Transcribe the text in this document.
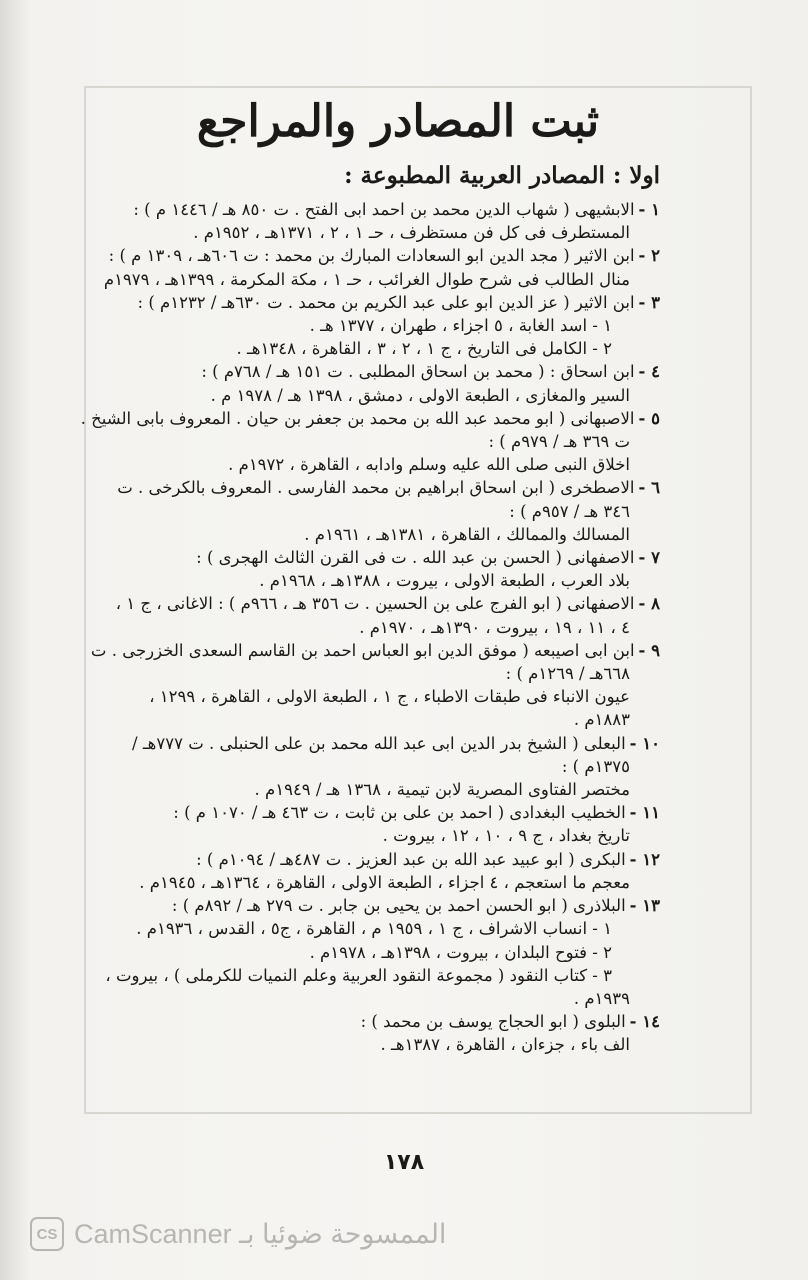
ثبت المصادر والمراجع
اولا : المصادر العربية المطبوعة :
١ -الابشيهى ( شهاب الدين محمد بن احمد ابى الفتح . ت ٨٥٠ هـ / ١٤٤٦ م ) :
المستطرف فى كل فن مستظرف ، حـ ١ ، ٢ ، ١٣٧١هـ ، ١٩٥٢م .
٢ -ابن الاثير ( مجد الدين ابو السعادات المبارك بن محمد : ت ٦٠٦هـ ، ١٣٠٩ م ) :
منال الطالب فى شرح طوال الغرائب ، حـ ١ ، مكة المكرمة ، ١٣٩٩هـ ، ١٩٧٩م
٣ -ابن الاثير ( عز الدين ابو على عبد الكريم بن محمد . ت ٦٣٠هـ / ١٢٣٢م ) :
١ - اسد الغابة ، ٥ اجزاء ، طهران ، ١٣٧٧ هـ .
٢ - الكامل فى التاريخ ، ج ١ ، ٢ ، ٣ ، القاهرة ، ١٣٤٨هـ .
٤ -ابن اسحاق : ( محمد بن اسحاق المطلبى . ت ١٥١ هـ / ٧٦٨م ) :
السير والمغازى ، الطبعة الاولى ، دمشق ، ١٣٩٨ هـ / ١٩٧٨ م .
٥ -الاصبهانى ( ابو محمد عبد الله بن محمد بن جعفر بن حيان . المعروف بابى الشيخ .
ت ٣٦٩ هـ / ٩٧٩م ) :
اخلاق النبى صلى الله عليه وسلم وادابه ، القاهرة ، ١٩٧٢م .
٦ -الاصطخرى ( ابن اسحاق ابراهيم بن محمد الفارسى . المعروف بالكرخى . ت
٣٤٦ هـ / ٩٥٧م ) :
المسالك والممالك ، القاهرة ، ١٣٨١هـ ، ١٩٦١م .
٧ -الاصفهانى ( الحسن بن عبد الله . ت فى القرن الثالث الهجرى ) :
بلاد العرب ، الطبعة الاولى ، بيروت ، ١٣٨٨هـ ، ١٩٦٨م .
٨ -الاصفهانى ( ابو الفرج على بن الحسين . ت ٣٥٦ هـ ، ٩٦٦م ) : الاغانى ، ج ١ ،
٤ ، ١١ ، ١٩ ، بيروت ، ١٣٩٠هـ ، ١٩٧٠م .
٩ -ابن ابى اصيبعه ( موفق الدين ابو العباس احمد بن القاسم السعدى الخزرجى . ت
٦٦٨هـ / ١٢٦٩م ) :
عيون الانباء فى طبقات الاطباء ، ج ١ ، الطبعة الاولى ، القاهرة ، ١٢٩٩ ،
١٨٨٣م .
١٠ -البعلى ( الشيخ بدر الدين ابى عبد الله محمد بن على الحنبلى . ت ٧٧٧هـ /
١٣٧٥م ) :
مختصر الفتاوى المصرية لابن تيمية ، ١٣٦٨ هـ / ١٩٤٩م .
١١ -الخطيب البغدادى ( احمد بن على بن ثابت ، ت ٤٦٣ هـ / ١٠٧٠ م ) :
تاريخ بغداد ، ج ٩ ، ١٠ ، ١٢ ، بيروت .
١٢ -البكرى ( ابو عبيد عبد الله بن عبد العزيز . ت ٤٨٧هـ / ١٠٩٤م ) :
معجم ما استعجم ، ٤ اجزاء ، الطبعة الاولى ، القاهرة ، ١٣٦٤هـ ، ١٩٤٥م .
١٣ -البلاذرى ( ابو الحسن احمد بن يحيى بن جابر . ت ٢٧٩ هـ / ٨٩٢م ) :
١ - انساب الاشراف ، ج ١ ، ١٩٥٩ م ، القاهرة ، ج٥ ، القدس ، ١٩٣٦م .
٢ - فتوح البلدان ، بيروت ، ١٣٩٨هـ ، ١٩٧٨م .
٣ - كتاب النقود ( مجموعة النقود العربية وعلم النميات للكرملى ) ، بيروت ،
١٩٣٩م .
١٤ -البلوى ( ابو الحجاج يوسف بن محمد ) :
الف باء ، جزءان ، القاهرة ، ١٣٨٧هـ .
١٧٨
CS CamScanner الممسوحة ضوئيا بـ
